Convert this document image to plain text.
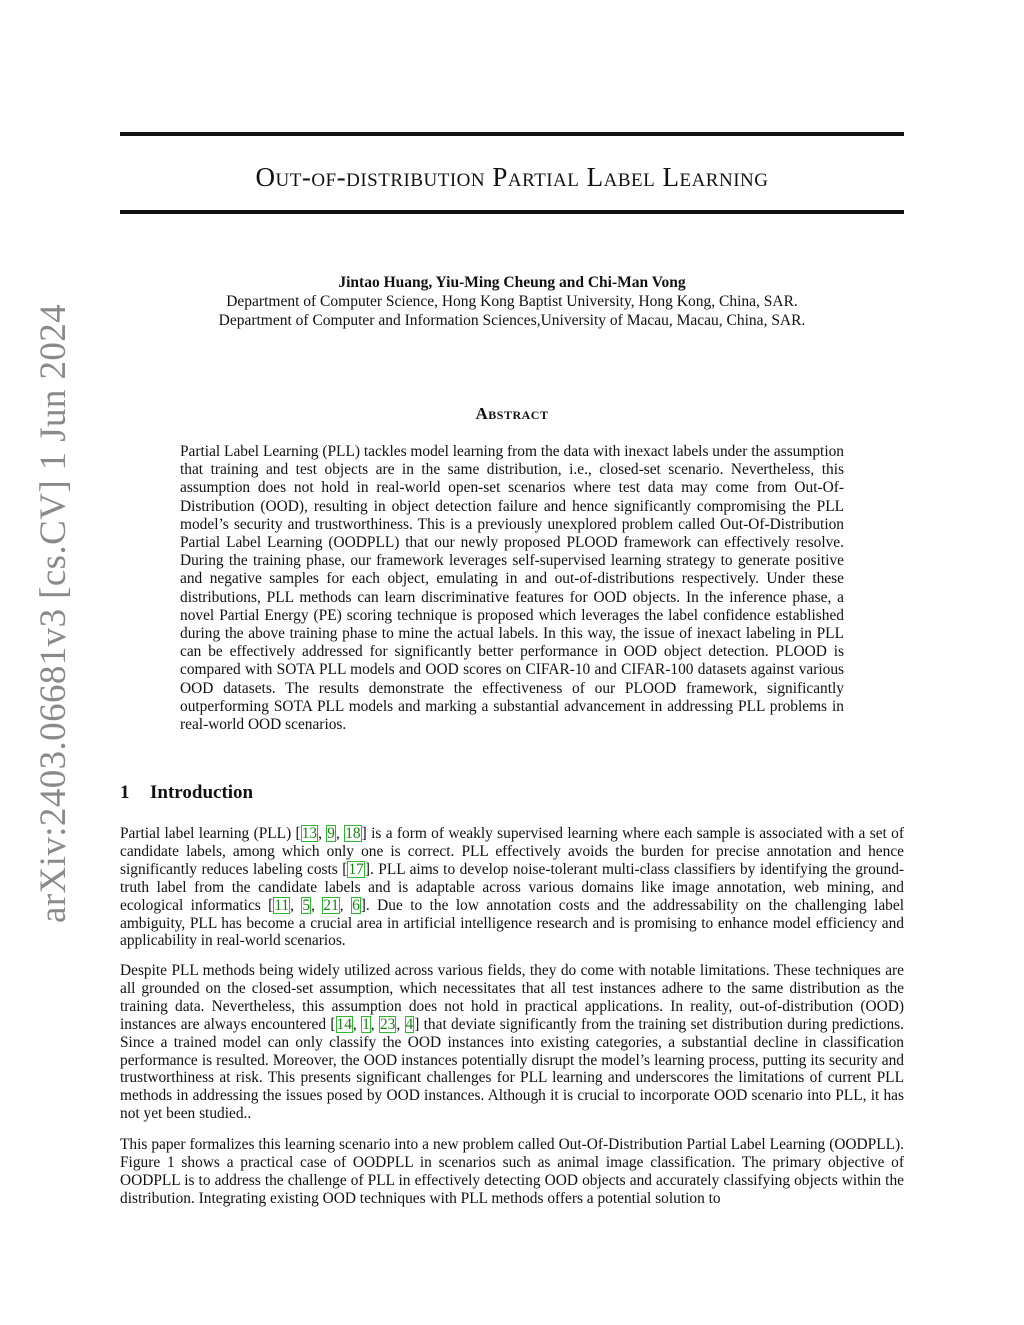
Out-of-distribution Partial Label Learning
Jintao Huang, Yiu-Ming Cheung and Chi-Man Vong
Department of Computer Science, Hong Kong Baptist University, Hong Kong, China, SAR.
Department of Computer and Information Sciences,University of Macau, Macau, China, SAR.
arXiv:2403.06681v3 [cs.CV] 1 Jun 2024	Abstract
Partial Label Learning (PLL) tackles model learning from the data with inexact labels under the assumption that training and test objects are in the same distribution, i.e., closed-set scenario. Nevertheless, this assumption does not hold in real-world open-set scenarios where test data may come from Out-Of-Distribution (OOD), resulting in object detection failure and hence significantly compromising the PLL model’s security and trustworthiness. This is a previously unexplored problem called Out-Of-Distribution Partial Label Learning (OODPLL) that our newly proposed PLOOD framework can effectively resolve. During the training phase, our framework leverages self-supervised learning strategy to generate positive and negative samples for each object, emulating in and out-of-distributions respectively. Under these distributions, PLL methods can learn discriminative features for OOD objects. In the inference phase, a novel Partial Energy (PE) scoring technique is proposed which leverages the label confidence established during the above training phase to mine the actual labels. In this way, the issue of inexact labeling in PLL can be effectively addressed for significantly better performance in OOD object detection. PLOOD is compared with SOTA PLL models and OOD scores on CIFAR-10 and CIFAR-100 datasets against various OOD datasets. The results demonstrate the effectiveness of our PLOOD framework, significantly outperforming SOTA PLL models and marking a substantial advancement in addressing PLL problems in real-world OOD scenarios.
1 Introduction
Partial label learning (PLL) [13, 9, 18] is a form of weakly supervised learning where each sample is associated with a set of candidate labels, among which only one is correct. PLL effectively avoids the burden for precise annotation and hence significantly reduces labeling costs [17]. PLL aims to develop noise-tolerant multi-class classifiers by identifying the ground-truth label from the candidate labels and is adaptable across various domains like image annotation, web mining, and ecological informatics [11, 5, 21, 6]. Due to the low annotation costs and the addressability on the challenging label ambiguity, PLL has become a crucial area in artificial intelligence research and is promising to enhance model efficiency and applicability in real-world scenarios.
Despite PLL methods being widely utilized across various fields, they do come with notable limitations. These techniques are all grounded on the closed-set assumption, which necessitates that all test instances adhere to the same distribution as the training data. Nevertheless, this assumption does not hold in practical applications. In reality, out-of-distribution (OOD) instances are always encountered [14, 1, 23, 4] that deviate significantly from the training set distribution during predictions. Since a trained model can only classify the OOD instances into existing categories, a substantial decline in classification performance is resulted. Moreover, the OOD instances potentially disrupt the model’s learning process, putting its security and trustworthiness at risk. This presents significant challenges for PLL learning and underscores the limitations of current PLL methods in addressing the issues posed by OOD instances. Although it is crucial to incorporate OOD scenario into PLL, it has not yet been studied..
This paper formalizes this learning scenario into a new problem called Out-Of-Distribution Partial Label Learning (OODPLL). Figure 1 shows a practical case of OODPLL in scenarios such as animal image classification. The primary objective of OODPLL is to address the challenge of PLL in effectively detecting OOD objects and accurately classifying objects within the distribution. Integrating existing OOD techniques with PLL methods offers a potential solution to
